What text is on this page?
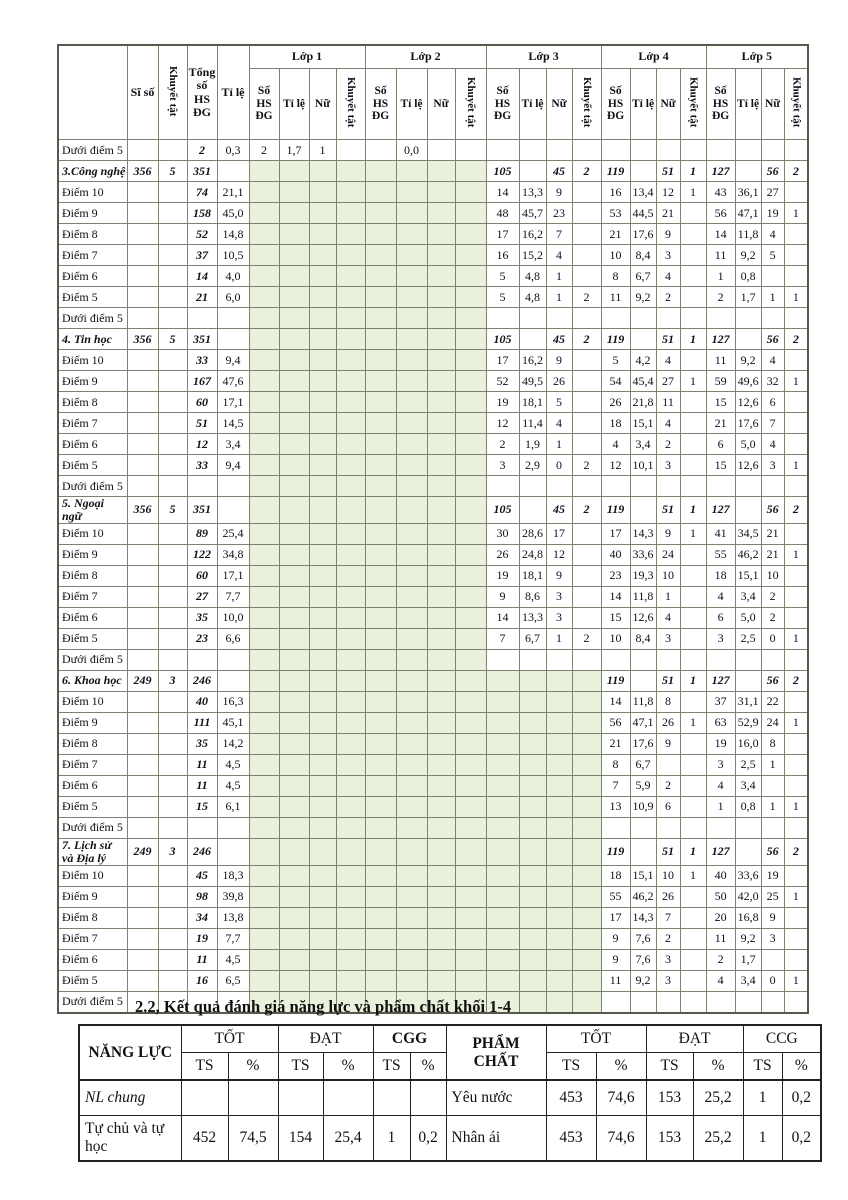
	Sĩ số	Khuyết tật	Tổng số HS ĐG	Tỉ lệ	Lớp 1				Lớp 2				Lớp 3				Lớp 4				Lớp 5			
					Số HS ĐG	Tỉ lệ	Nữ	Khuyết tật	Số HS ĐG	Tỉ lệ	Nữ	Khuyết tật	Số HS ĐG	Tỉ lệ	Nữ	Khuyết tật	Số HS ĐG	Tỉ lệ	Nữ	Khuyết tật	Số HS ĐG	Tỉ lệ	Nữ	Khuyết tật
Dưới điểm 5			2	0,3	2	1,7	1			0,0														
3.Công nghệ	356	5	351										105		45	2	119		51	1	127		56	2
Điểm 10			74	21,1									14	13,3	9		16	13,4	12	1	43	36,1	27	
Điểm 9			158	45,0									48	45,7	23		53	44,5	21		56	47,1	19	1
Điểm 8			52	14,8									17	16,2	7		21	17,6	9		14	11,8	4	
Điểm 7			37	10,5									16	15,2	4		10	8,4	3		11	9,2	5	
Điểm 6			14	4,0									5	4,8	1		8	6,7	4		1	0,8		
Điểm 5			21	6,0									5	4,8	1	2	11	9,2	2		2	1,7	1	1
Dưới điểm 5																								
4. Tin học	356	5	351										105		45	2	119		51	1	127		56	2
Điểm 10			33	9,4									17	16,2	9		5	4,2	4		11	9,2	4	
Điểm 9			167	47,6									52	49,5	26		54	45,4	27	1	59	49,6	32	1
Điểm 8			60	17,1									19	18,1	5		26	21,8	11		15	12,6	6	
Điểm 7			51	14,5									12	11,4	4		18	15,1	4		21	17,6	7	
Điểm 6			12	3,4									2	1,9	1		4	3,4	2		6	5,0	4	
Điểm 5			33	9,4									3	2,9	0	2	12	10,1	3		15	12,6	3	1
Dưới điểm 5																								
5. Ngoại ngữ	356	5	351										105		45	2	119		51	1	127		56	2
Điểm 10			89	25,4									30	28,6	17		17	14,3	9	1	41	34,5	21	
Điểm 9			122	34,8									26	24,8	12		40	33,6	24		55	46,2	21	1
Điểm 8			60	17,1									19	18,1	9		23	19,3	10		18	15,1	10	
Điểm 7			27	7,7									9	8,6	3		14	11,8	1		4	3,4	2	
Điểm 6			35	10,0									14	13,3	3		15	12,6	4		6	5,0	2	
Điểm 5			23	6,6									7	6,7	1	2	10	8,4	3		3	2,5	0	1
Dưới điểm 5																								
6. Khoa học	249	3	246														119		51	1	127		56	2
Điểm 10			40	16,3													14	11,8	8		37	31,1	22	
Điểm 9			111	45,1													56	47,1	26	1	63	52,9	24	1
Điểm 8			35	14,2													21	17,6	9		19	16,0	8	
Điểm 7			11	4,5													8	6,7			3	2,5	1	
Điểm 6			11	4,5													7	5,9	2		4	3,4		
Điểm 5			15	6,1													13	10,9	6		1	0,8	1	1
Dưới điểm 5																								
7. Lịch sử và Địa lý	249	3	246														119		51	1	127		56	2
Điểm 10			45	18,3													18	15,1	10	1	40	33,6	19	
Điểm 9			98	39,8													55	46,2	26		50	42,0	25	1
Điểm 8			34	13,8													17	14,3	7		20	16,8	9	
Điểm 7			19	7,7													9	7,6	2		11	9,2	3	
Điểm 6			11	4,5													9	7,6	3		2	1,7		
Điểm 5			16	6,5													11	9,2	3		4	3,4	0	1
Dưới điểm 5																								2.2, Kết quả đánh giá năng lực và phẩm chất khối 1-4
NĂNG LỰC	TỐT		ĐẠT		CGG		PHẨM CHẤT	TỐT		ĐẠT		CCG	
	TS	%	TS	%	TS	%		TS	%	TS	%	TS	%
NL chung							Yêu nước	453	74,6	153	25,2	1	0,2
Tự chủ và tự học	452	74,5	154	25,4	1	0,2	Nhân ái	453	74,6	153	25,2	1	0,2
